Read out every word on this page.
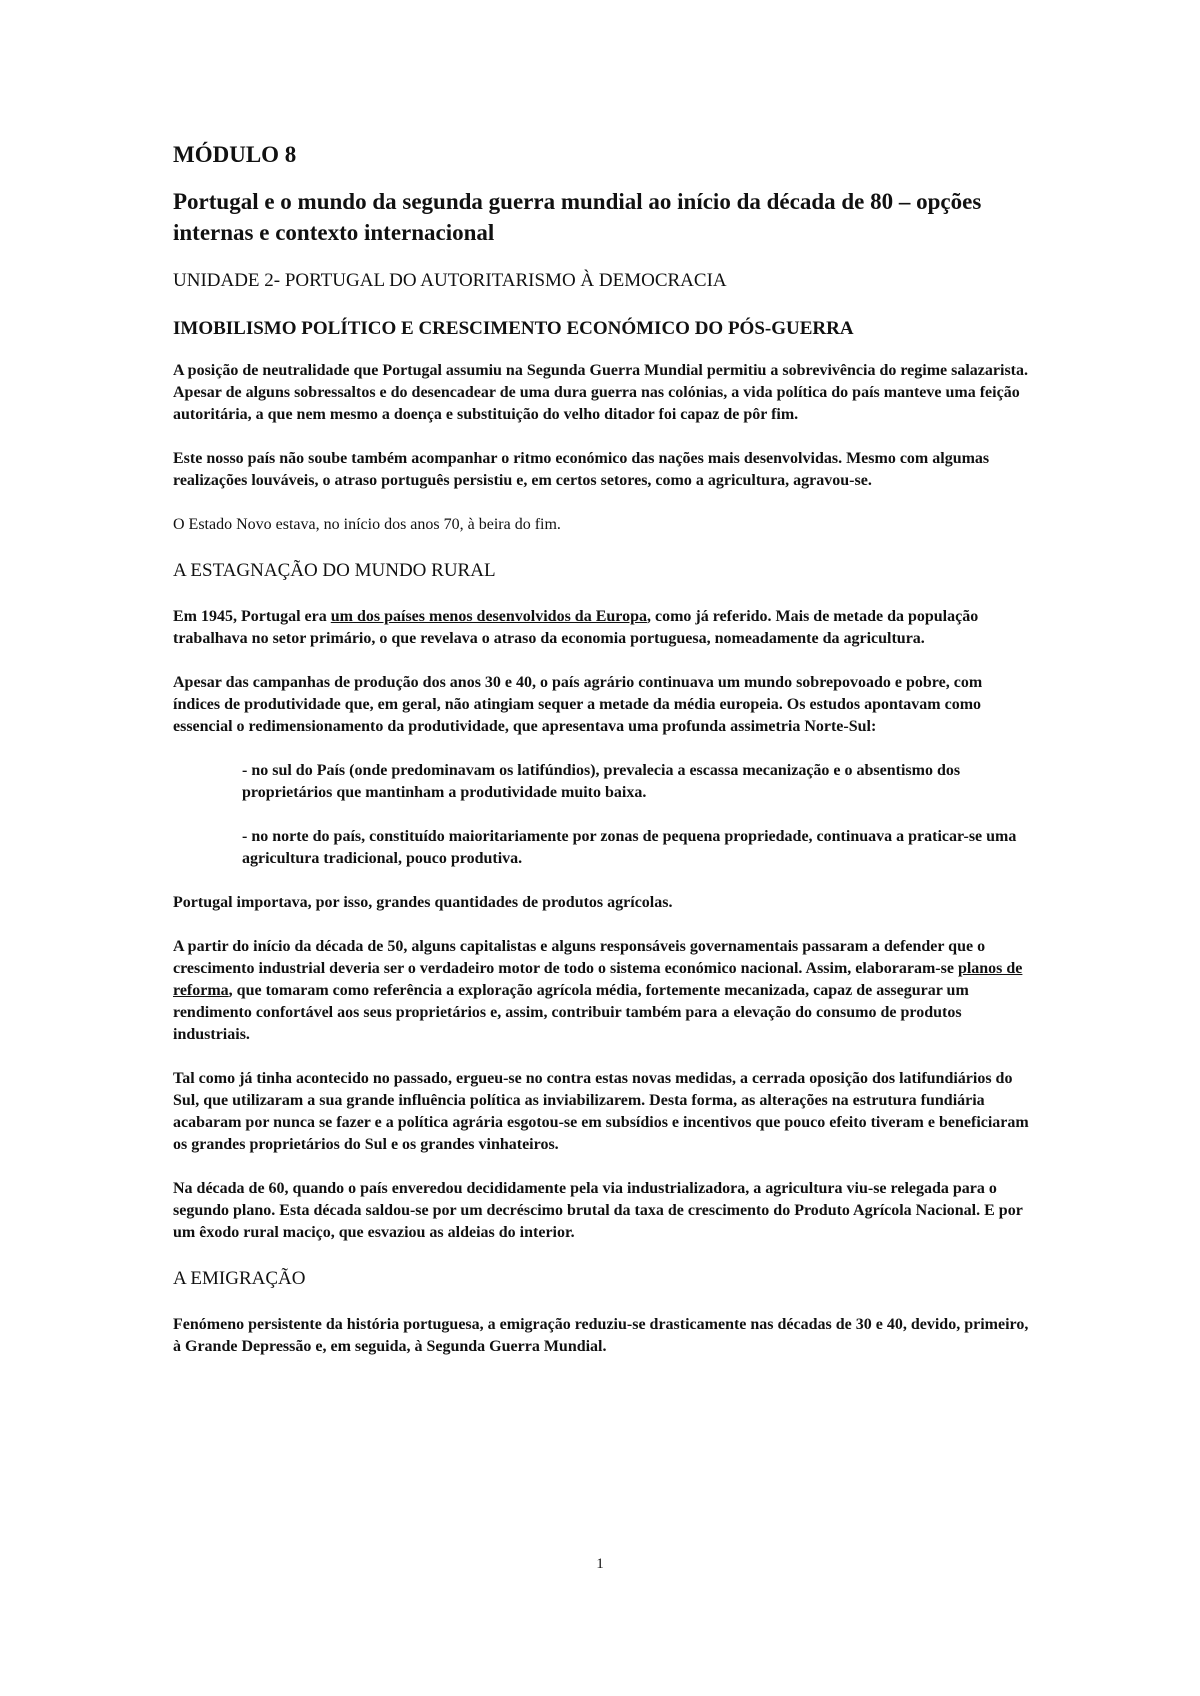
MÓDULO 8
Portugal e o mundo da segunda guerra mundial ao início da década de 80 – opções internas e contexto internacional
UNIDADE 2- PORTUGAL DO AUTORITARISMO À DEMOCRACIA
IMOBILISMO POLÍTICO E CRESCIMENTO ECONÓMICO DO PÓS-GUERRA

A posição de neutralidade que Portugal assumiu na Segunda Guerra Mundial permitiu a sobrevivência do regime salazarista. Apesar de alguns sobressaltos e do desencadear de uma dura guerra nas colónias, a vida política do país manteve uma feição autoritária, a que nem mesmo a doença e substituição do velho ditador foi capaz de pôr fim.

Este nosso país não soube também acompanhar o ritmo económico das nações mais desenvolvidas. Mesmo com algumas realizações louváveis, o atraso português persistiu e, em certos setores, como a agricultura, agravou-se.

O Estado Novo estava, no início dos anos 70, à beira do fim.

A ESTAGNAÇÃO DO MUNDO RURAL

Em 1945, Portugal era um dos países menos desenvolvidos da Europa, como já referido. Mais de metade da população trabalhava no setor primário, o que revelava o atraso da economia portuguesa, nomeadamente da agricultura.

Apesar das campanhas de produção dos anos 30 e 40, o país agrário continuava um mundo sobrepovoado e pobre, com índices de produtividade que, em geral, não atingiam sequer a metade da média europeia. Os estudos apontavam como essencial o redimensionamento da produtividade, que apresentava uma profunda assimetria Norte-Sul:

- no sul do País (onde predominavam os latifúndios), prevalecia a escassa mecanização e o absentismo dos proprietários que mantinham a produtividade muito baixa.

- no norte do país, constituído maioritariamente por zonas de pequena propriedade, continuava a praticar-se uma agricultura tradicional, pouco produtiva.

Portugal importava, por isso, grandes quantidades de produtos agrícolas.

A partir do início da década de 50, alguns capitalistas e alguns responsáveis governamentais passaram a defender que o crescimento industrial deveria ser o verdadeiro motor de todo o sistema económico nacional. Assim, elaboraram-se planos de reforma, que tomaram como referência a exploração agrícola média, fortemente mecanizada, capaz de assegurar um rendimento confortável aos seus proprietários e, assim, contribuir também para a elevação do consumo de produtos industriais.

Tal como já tinha acontecido no passado, ergueu-se no contra estas novas medidas, a cerrada oposição dos latifundiários do Sul, que utilizaram a sua grande influência política as inviabilizarem. Desta forma, as alterações na estrutura fundiária acabaram por nunca se fazer e a política agrária esgotou-se em subsídios e incentivos que pouco efeito tiveram e beneficiaram os grandes proprietários do Sul e os grandes vinhateiros.

Na década de 60, quando o país enveredou decididamente pela via industrializadora, a agricultura viu-se relegada para o segundo plano. Esta década saldou-se por um decréscimo brutal da taxa de crescimento do Produto Agrícola Nacional. E por um êxodo rural maciço, que esvaziou as aldeias do interior.

A EMIGRAÇÃO

Fenómeno persistente da história portuguesa, a emigração reduziu-se drasticamente nas décadas de 30 e 40, devido, primeiro, à Grande Depressão e, em seguida, à Segunda Guerra Mundial.

1
